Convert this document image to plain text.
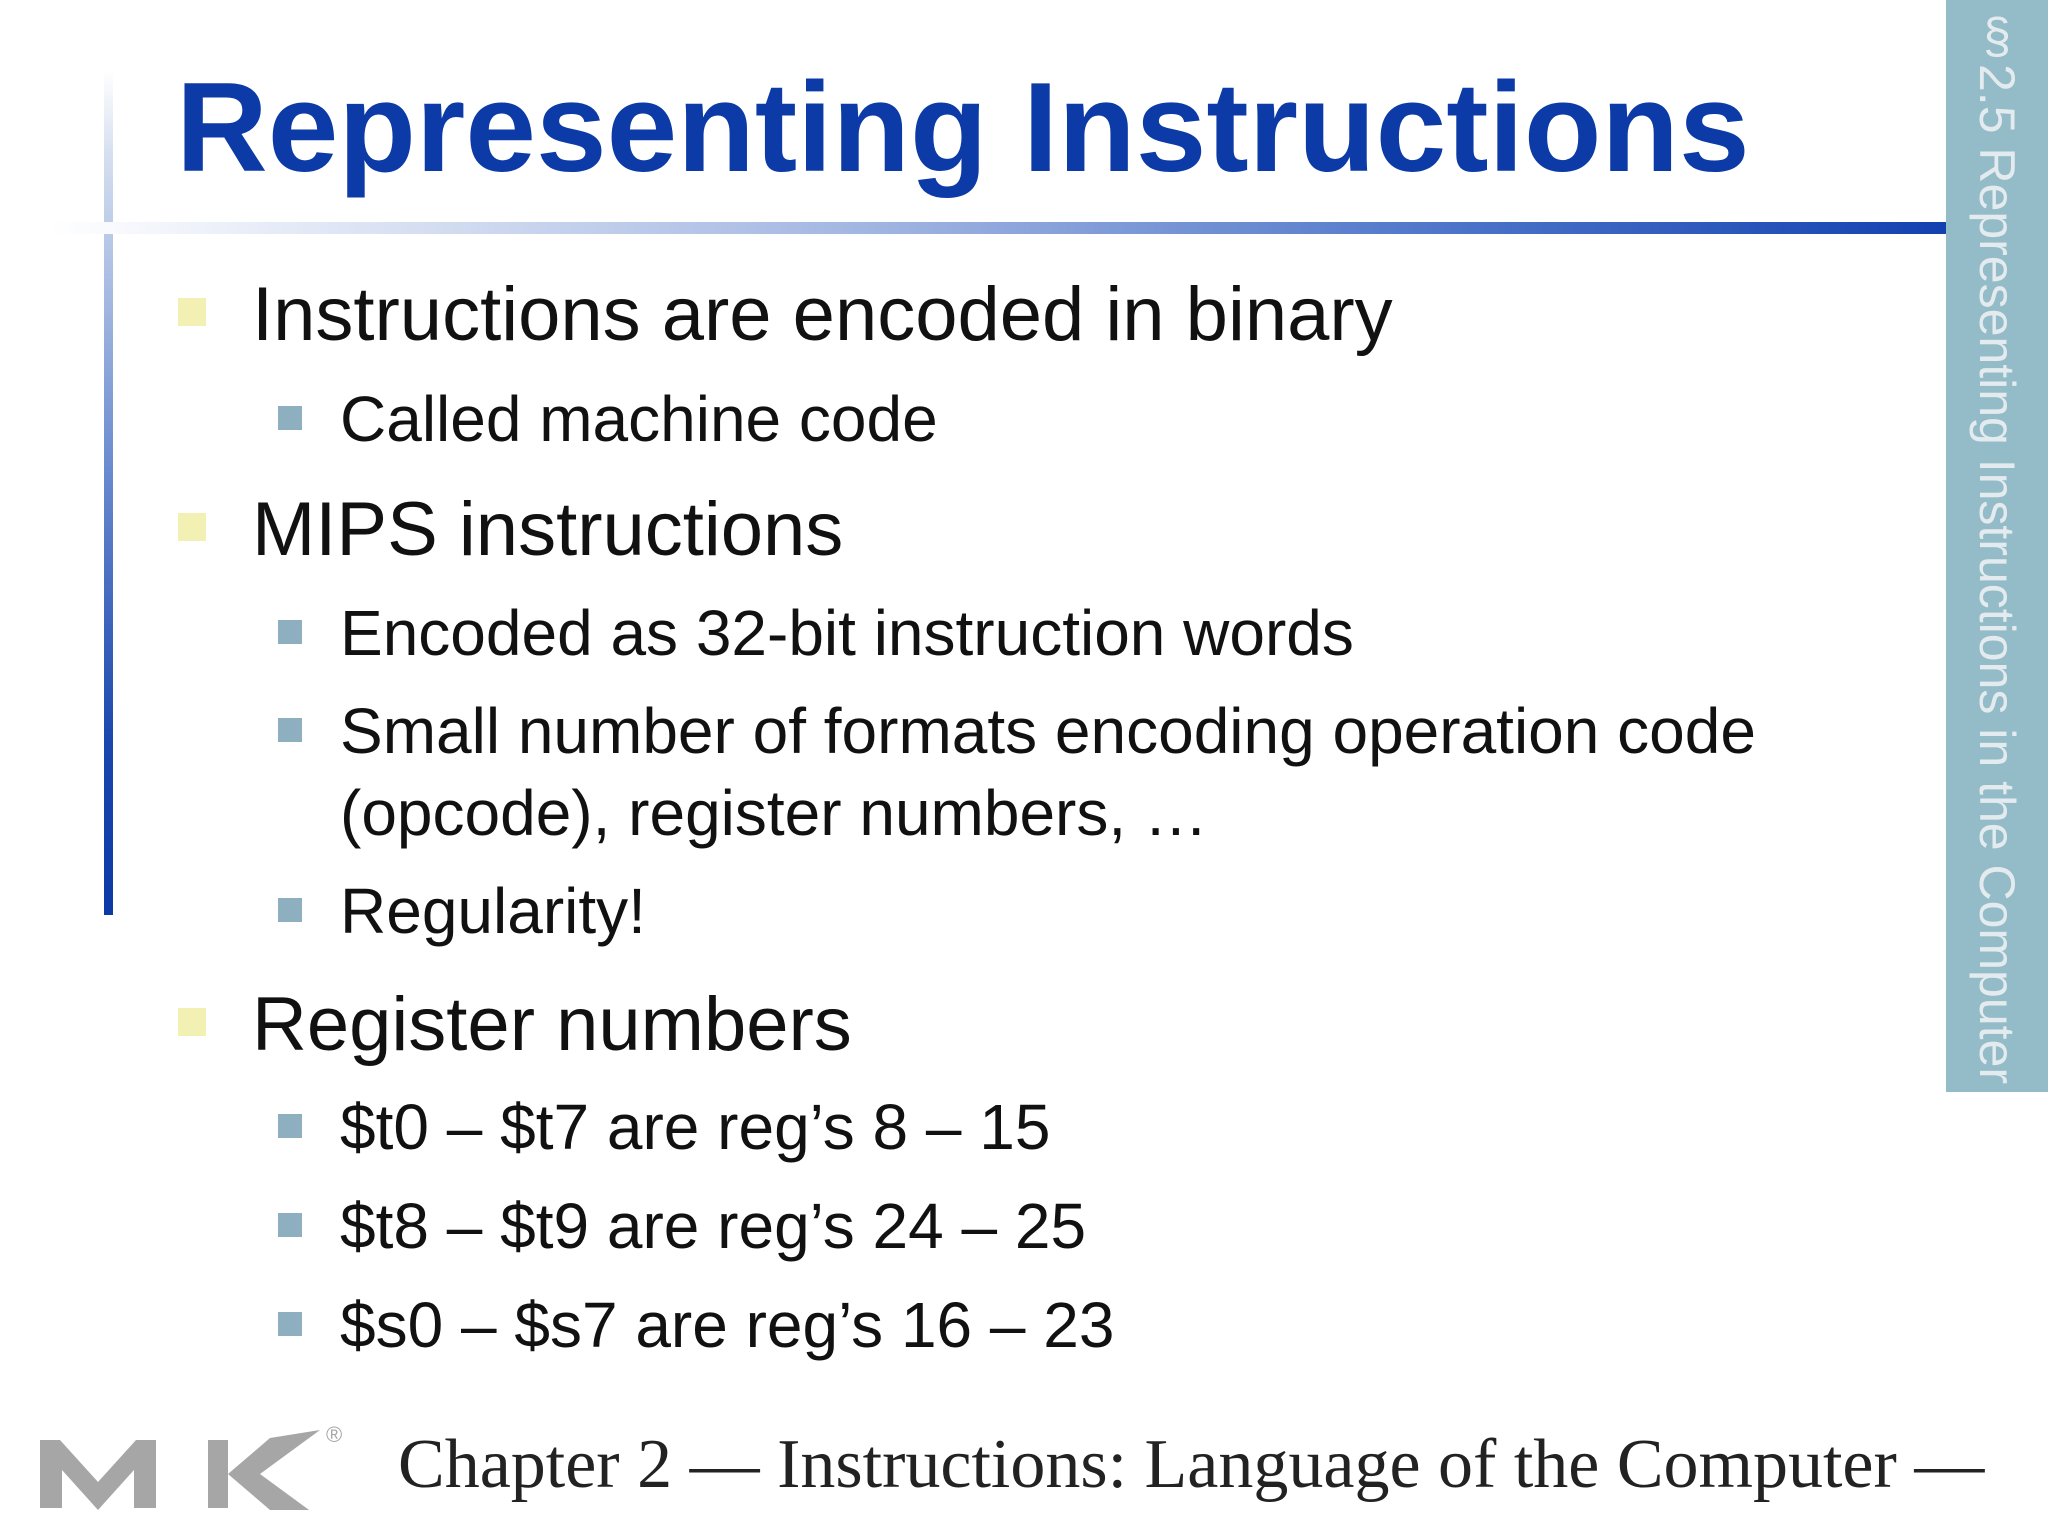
Representing Instructions	§2.5 Representing Instructions in the Computer
Instructions are encoded in binary
Called machine code
MIPS instructions
Encoded as 32-bit instruction words
Small number of formats encoding operation code
(opcode), register numbers, …
Regularity!
Register numbers
$t0 – $t7 are reg’s 8 – 15
$t8 – $t9 are reg’s 24 – 25
$s0 – $s7 are reg’s 16 – 23
® Chapter 2 — Instructions: Language of the Computer —
